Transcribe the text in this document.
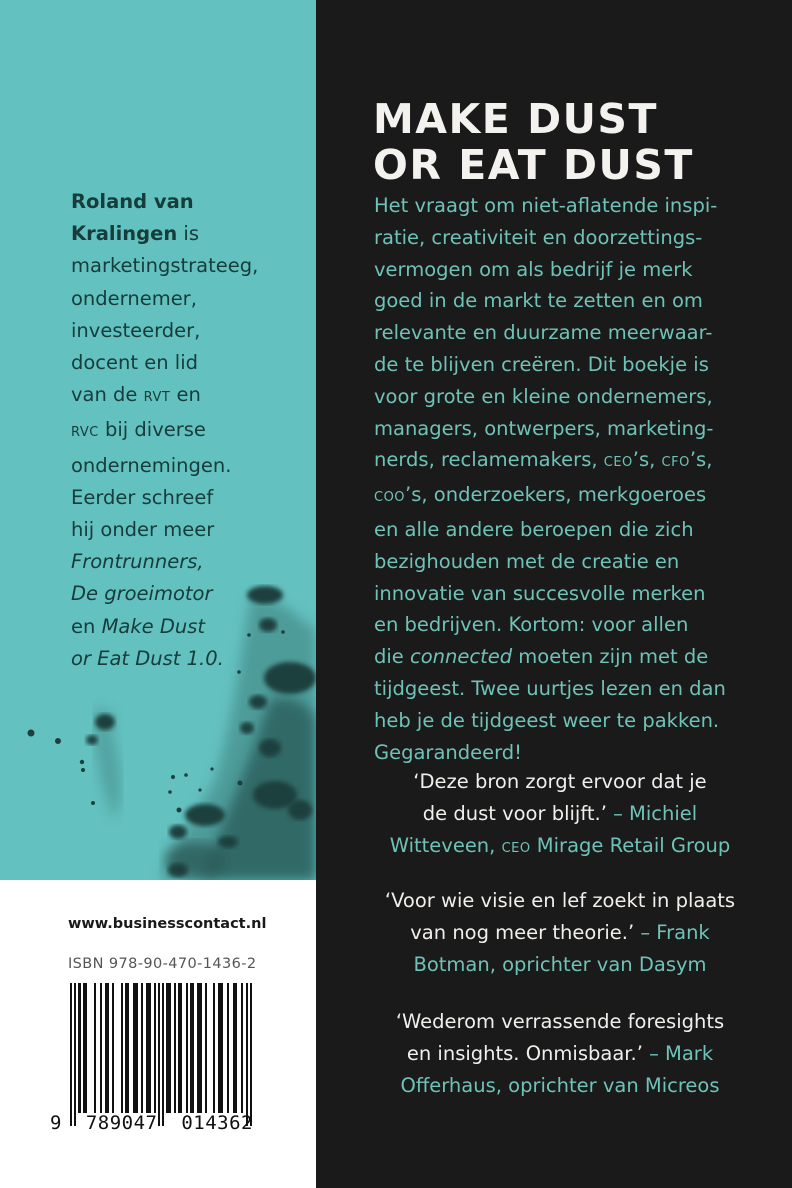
Roland van
Kralingen is
marketingstrateeg,
ondernemer,
investeerder,
docent en lid
van de RVT en
RVC bij diverse
ondernemingen.
Eerder schreef
hij onder meer
Frontrunners,
De groeimotor
en Make Dust
or Eat Dust 1.0.
www.businesscontact.nl
ISBN 978-90-470-1436-2
9  789047  014362
MAKE DUST
OR EAT DUST
Het vraagt om niet-aflatende inspi-
ratie, creativiteit en doorzettings-
vermogen om als bedrijf je merk
goed in de markt te zetten en om
relevante en duurzame meerwaar-
de te blijven creëren. Dit boekje is
voor grote en kleine ondernemers,
managers, ontwerpers, marketing-
nerds, reclamemakers, CEO’s, CFO’s,
COO’s, onderzoekers, merkgoeroes
en alle andere beroepen die zich
bezighouden met de creatie en
innovatie van succesvolle merken
en bedrijven. Kortom: voor allen
die connected moeten zijn met de
tijdgeest. Twee uurtjes lezen en dan
heb je de tijdgeest weer te pakken.
Gegarandeerd!
‘Deze bron zorgt ervoor dat je
de dust voor blijft.’ – Michiel
Witteveen, CEO Mirage Retail Group
‘Voor wie visie en lef zoekt in plaats
van nog meer theorie.’ – Frank
Botman, oprichter van Dasym
‘Wederom verrassende foresights
en insights. Onmisbaar.’ – Mark
Offerhaus, oprichter van Micreos
